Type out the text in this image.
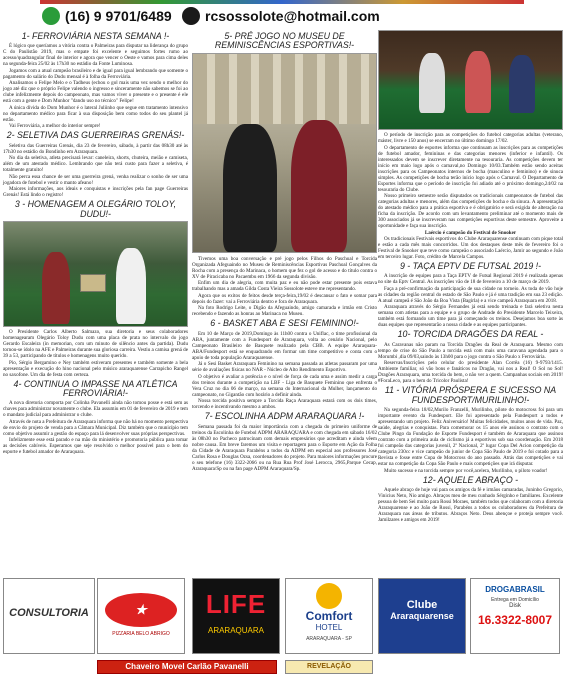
(16) 9 9701/6489 rcsossolote@hotmail.com
1- FERROVIÁRIA NESTA SEMANA !-
É lógico que queríamos a vitória contra o Palmeiras para disputar na liderança do grupo C do Paulistão 2019, mas o empate foi excelente e seguimos fortes rumo ao acesso/quadrangular final de interior e agora que vencer o Oeste e vamos para cima deles na segunda-feira 25/02 às 17h30 no estádio da Fonte Luminosa.
Jogamos com a atual campeão brasileiro e de igual para igual lembrando que somente o pagamento do salário do Dudu mensal é à folha da Ferroviária.
Analisamos o Felipe Melo e o Tadheus (echou o gol mais uma vez sendo o melhor do jogo até diz que o próprio Felipe valendo o ingresso e sinceramente não sabemos se foi ao clube infelizmente depois do campeonato, mas vamos viver o presente e o presente é ele está com a gente e Dom Munhor "dando uso no técnico" Felipe!
A única dívida do Dom Munhor é o lateral Juliinho que segue em tratamento intensivo no departamento médico para ficar à sua disposição bem como todos do seu plantel já estão.
Vai Ferroviária, a melhor do interior sempre!
2- SELETIVA DAS GUERREIRAS GRENÁS!-
Seletiva das Guerreiras Grenás, dia 23 de fevereiro, sábado, à partir das 08h30 até às 17h30 no estádio do Bondinho em Araraquara.
No dia da seletiva, atleta precisará levar: caneleira, shorts, chuteira, meião e camiseta, além de um atestado médico. Lembrando que não terá custo para fazer a seletiva, é totalmente gratuito!
Não perca essa chance de ser uma guerreira grená, venha realizar o sonho de ser uma jogadora de futebol e vestir o manto afeano!
Maiores informações, aos ideais e conquistas e inscrições pela fan page Guerreiras Grenás! Está lindo o registro!
3 - HOMENAGEM A OLEGÁRIO TOLOY, DUDU!-
O Presidente Carlos Alberto Salmazo, sua diretoria e seus colaboradores homenagearam Olegário Toloy Dudu com uma placa de prata no intervalo do jogo Gerardo Escaleira (in memorian, com um minuto de silêncio antes da partida). Dudu tornou-se ídolo na AFE e Palmeiras durante sua gloriosa carreira. Vestiu a camisa grená de 39 a 53, participando de títulos e homenagens muito querido.
Pio, Sérgio Bergamino e Ney também estiveram presentes e também somente a bela apresentação e execução do hino nacional pelo músico araraquarense Carrapicho Rangel no saxofone. Um dia de festa com certeza.
4- CONTINUA O IMPASSE NA ATLÉTICA FERROVIÁRIA!-
A nova diretoria comporta por Colinha Pavanelli ainda não tomou posse e está sem as chaves para administrar novamente o clube. Ela assumiu em 01 de fevereiro de 2019 e tem o mandato judicial para administrar o clube.
Através de nota a Prefeitura de Araraquara informa que não há no momento perspectiva de envio do projeto de venda para a Câmara Municipal. Diz também que o município tem como objetivo assumir a gestão do espaço para lá desenvolver suas próprias perspectivas.
Infelizmente esse está parado e na mão do ministério e promotoria pública para tomar as decisões cabíveis. Esperamos que seje resolvido o melhor possível para o bem do esporte e futebol amador de Araraquara.
5- PRÉ JOGO NO MUSEU DE REMINISCÊNCIAS ESPORTIVAS!-
Tivemos uma boa conversação e pré jogo pelos Filhos do Paschoal e Torcida Organizada Afeguaindo no Museu de Reminiscências Esportivas Paschoal Gonçalves da Rocha com a presença do Marinaca, o homem que fez o gol de acesso e do título contra o XV de Piracicaba no Pacaembu em 1966 da segunda divisão.
Enfim um dia de alegria, com muita paz e eu não pode estar presente pois estava trabalhando mas a amada Gilda Costa Vieira Sossolote esteve me representando.
Agora que os exitos de feitos desde terça-feira,19/02 é descansar o fato e somar para depois do fazer: vai a Ferroviária dentro e fora de Araraquara.
Na foto Rodrigo Leite, o Digão da Afeguaindo, amigo camarada e irmão em Cristo recebendo e fazendo as honras ao Marinaca no Museu.
6 - BASKET ABA E SESI FEMININO!-
Em 10 de Março de 2019,Domingo às 11h00 contra o Uniflac, o time profissional da ABA, juntamente com a Fundesport de Araraquara, volta ao cenário Nacional, pelo Campeonato Brasileiro de Basquete realizado pela CBB. A equipe Araraquara-ABA/Fundesport está se enquadrando em formar um time competitivo e conta com o apoio de toda população Araraquarense.
Já o Sesi Basket Araraquara Feminino na semana passada as atletas passaram por uma série de avaliações físicas no NAR - Núcleo de Alto Rendimento Esportivo.
O objetivo é avaliar a potência e o nível de força de cada uma e assim medir a carga dos treinos durante a competição na LBF - Liga de Basquete Feminino que enfrenta o Vera Cruz no dia 06 de março, na semana do Internacional da Mulher, lançamento do campeonato, no Gigantão com horário a definir ainda.
Nossa torcida positiva sempre a Torcida Raça Araraquara estará com os dois times, torcendo e incentivando mesmo a ambos.
7- ESCOLINHA ADPM ARARAQUARA !-
Semana passada foi da maior importância com a chegada do primeiro uniforme de treinos da Escolinha de Futebol ADPM ARARAQUARA e com chegada em sábado 16/02 às 08h30 no Pacheco patrocinam com demais empresários que acreditam e ainda vêem nobre causa. Em breve faremos um visita e reportagem para o Esporte em Ação da Folha da Cidade de Araraquara Parabéns a todos da ADPM em especial aos professores José Carlos Rosa e Douglas Ozsa, coordenadores do projeto. Para maiores informações procure o seu telefone (16) 3322-2066 ou na Rua Rua Prof José Lerocca, 2965,Parque Cecap, Araraquara/Sp ou na fan page ADPM Araraquara/Sp.
O período de inscrição para as competições do futebol categorias adultas (veterano, máster, livre e 150 anos) se encerram no último domingo 17/02.
O departamento de esportes informa que continuam as inscrições para as competições de futebol amador, femininas e das categorias menores (inferior e infantil). Os interessados devem se inscrever diretamente na tesouraria. As competições devem ter início em maio logo após o carnaval,no Domingo 10/03.Também estão sendo aceitas inscrições para os Campeonatos internos de bocha (masculino e feminino) e de sinuca simples. As competições de bocha terão início logo após o Carnaval. O Departamento de Esportes informa que o período de inscrição foi adiado até o próximo domingo,24/02 na tesouraria do Clube.
Nosso primeiro semestre serão disputados os tradicionais campeonatos de futebol das categorias adultas e menores, além das competições do bocha e da sinuca. A apresentação do atestado médico para a prática esportiva e é obrigatório e será exigida de alteração na ficha da inscrição. De acordo com um levantamento preliminar até o momento mais de 300 associados já se inscreveram nas competições esportivas deste semestre. Aproveite a oportunidade e faça sua inscrição.
Laércio é campeão do Festival de Snooker
Os tradicionais Festivais esportivos do Clube Araraquarense continuam com pique total e estão a cada mês mais concorridos. Um dos destaques deste mês de fevereiro foi o Festival de Snooker que teve como campeão o associado Laércio, Jamir ao segundo e João em terceiro lugar. Foto, crédito de Marcela Campos.
9 - TAÇA EPTV DE FUTSAL 2019 !-
A inscrição de equipes para a Taça EPTV de Futsal Regional 2019 é realizada apenas no site da Eptv Central. As inscrições vão de 18 de fevereiro a 10 de março de 2019.
Faça a pré-confirmação da participação de sua cidade no torneio. As toda de vão hoje as cidades da região central do estado de São Paulo e já é uma tradição em sua 23 edição. A atual campeã é São João da Boa Vista (Bagirla) e a vice campeã Araraquara em 2018.
Araraquara através do Sérgio Fernandes já está sendo treinada e fará seletiva nesta semana com atletas para a equipe e o grupo de Andrade do Presidente Marcelo Teixeira, também está formando um time para já começando os treinos. Desejamos boa sorte às duas equipes que representarão a nossa cidade e as equipes participantes.
10- TORCIDA DRAGÕES DA REAL -
As Caravanas não param na Torcida Dragões da Real de Araraquara. Mesmo com tempo de crise do São Paulo a torcida está com mais uma caravana agendada para o Morumbi ,dia 09/03,saindo às 13h00 para o jogo contra o São Paulo x Ferroviária.
Reservas/Inscrições pelo celular do presidente Alan Corrêa (16) 9-9793/1415. Ambiente familiar, só vão bons e fanáticos no Dragão, vai nos a Real! O Sol no Sol! Dragões Araraquara, uma torcida do bem, o não ver a quem. Campanhas sociais em 2019! #ForaLeco, para o bem do Tricolor Paulista!
11 - VITÓRIA PRÓSPERA E SUCESSO NA FUNDESPORT/MURILINHO!-
Na segunda-feira 18/02,Murilo Franzelli, Murilinho, pilote do motocross foi para um importante evento da Fundesport. Ele foi apresentado pela Fundesport a todos e apresentando um projeto. Feliz Aniversário! Muitas felicidades, muitos anos de vida. Paz, saúde, alegrias e conquistas. Para comemorar os 15 anos ele assinou o contrato com o Clube Pingo da Fundação de Esporte Fundesport é também de Araraquara que assinou contrato com a primeira aula de ciclismo já a esportivos sob sua coordenação. Em 2018 foi campeão das categorias juvenil, 2º Nacional, 2º lugar Copa Del Acion competição da categoria 230cc e vice campeão do junior de Copa São Paulo de 2019 e foi cotado para a Revista e fosse entre Copa de Motocross do ano passado. Atrás das competições e vai estar na competição da Copa São Paulo e mais competições que irá disputar.
Muito sucesso e na torcida sempre por você,acelera, Murilinho, o piloto voador!
12- AQUELE ABRAÇO -
Aquele abraço de hoje vai para os amigos da fé e irmãos camaradas, Juninho Gregorio, Vinicius Neto, Nio amigo. Abraços meu de meu cunhado Sérginho e familiares. Excelente pessoa de bem Sei muito para Rossi Moraes, também todos que colaboram com a diretoria Araraquarense e ao João de Rossi, Parabéns a todos os colaboradores da Prefeitura de Araraquara nas áreas de tributos. Abraços Neto. Deus abençoe e proteja sempre você. Jamilzares e amigos em 2019!
CONSULTORIA	★
PIZZARIA BELO ABRIGO
LIFE
ARARAQUARA
Comfort
HOTEL
ARARAQUARA - SP
Clube
Araraquarense
DROGABRASIL
Entrega em Domicílio
Disk
16.3322-8007
Chaveiro Movel Carlão Pavanelli	REVELAÇÃO
